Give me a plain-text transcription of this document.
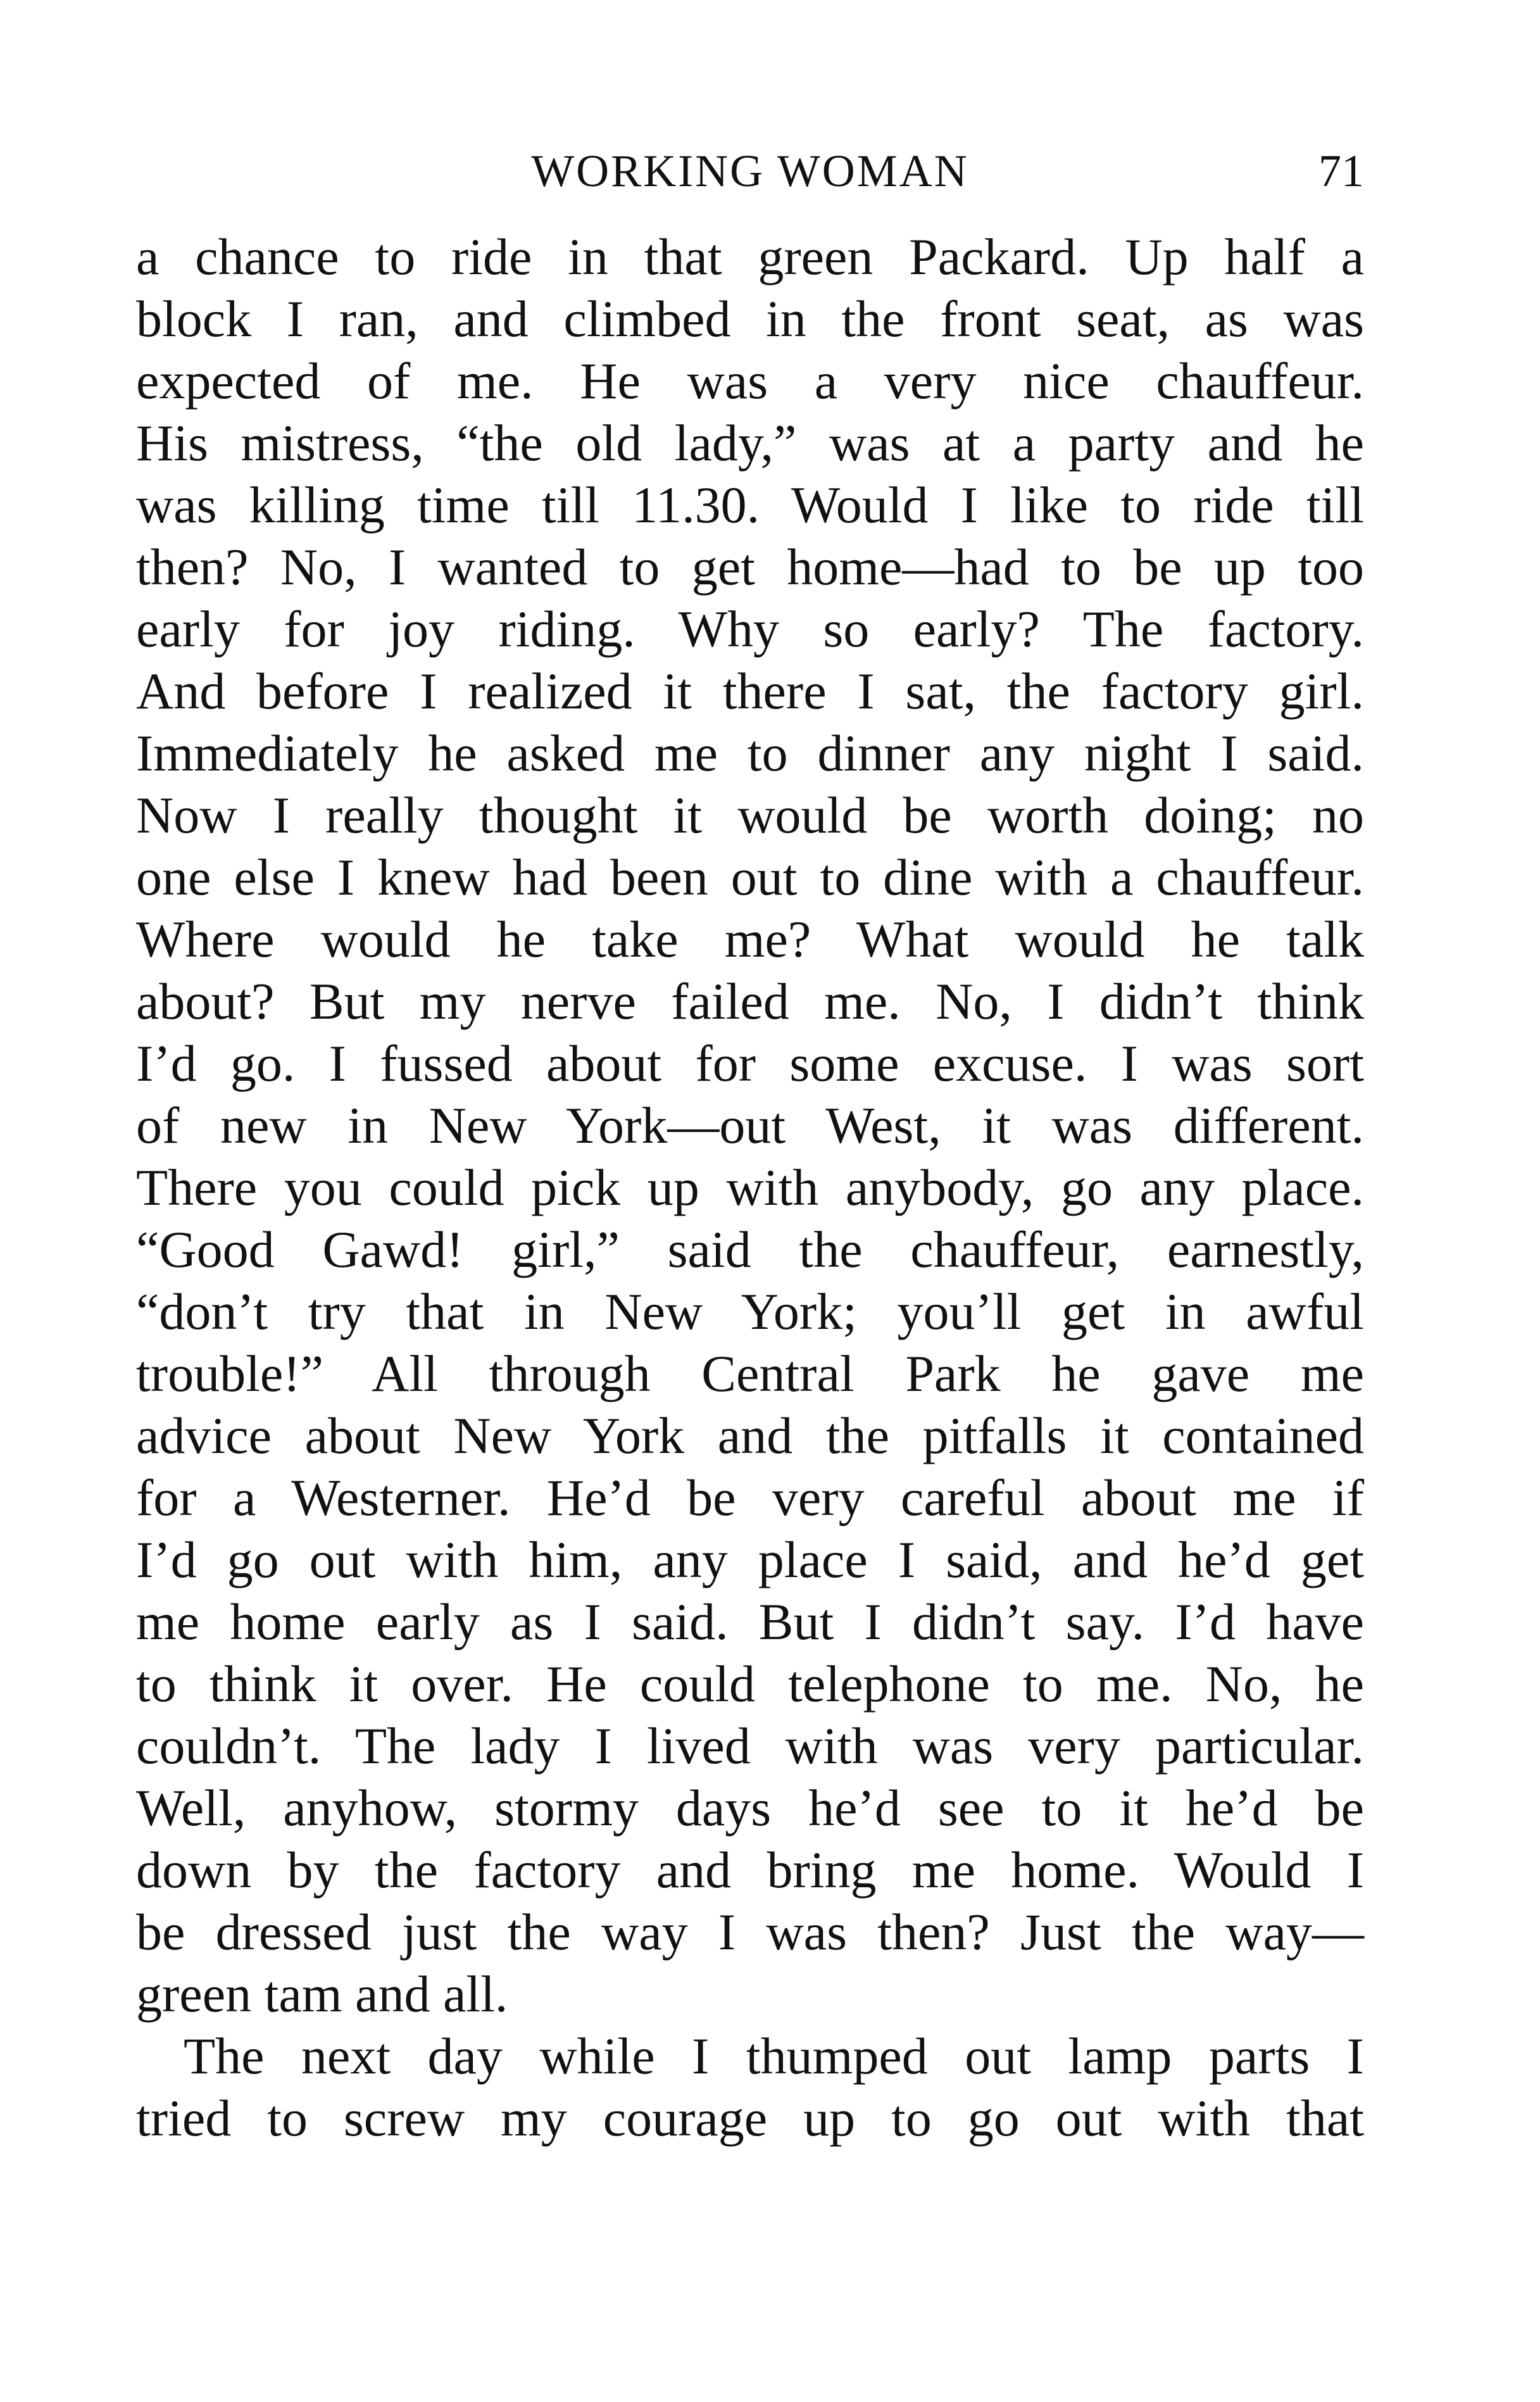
WORKING WOMAN	71
a chance to ride in that green Packard. Up half a
block I ran, and climbed in the front seat, as was
expected of me. He was a very nice chauffeur.
His mistress, “the old lady,” was at a party and he
was killing time till 11.30. Would I like to ride till
then? No, I wanted to get home—had to be up too
early for joy riding. Why so early? The factory.
And before I realized it there I sat, the factory girl.
Immediately he asked me to dinner any night I said.
Now I really thought it would be worth doing; no
one else I knew had been out to dine with a chauffeur.
Where would he take me? What would he talk
about? But my nerve failed me. No, I didn’t think
I’d go. I fussed about for some excuse. I was sort
of new in New York—out West, it was different.
There you could pick up with anybody, go any place.
“Good Gawd! girl,” said the chauffeur, earnestly,
“don’t try that in New York; you’ll get in awful
trouble!” All through Central Park he gave me
advice about New York and the pitfalls it contained
for a Westerner. He’d be very careful about me if
I’d go out with him, any place I said, and he’d get
me home early as I said. But I didn’t say. I’d have
to think it over. He could telephone to me. No, he
couldn’t. The lady I lived with was very particular.
Well, anyhow, stormy days he’d see to it he’d be
down by the factory and bring me home. Would I
be dressed just the way I was then? Just the way—
green tam and all.
The next day while I thumped out lamp parts I
tried to screw my courage up to go out with that
